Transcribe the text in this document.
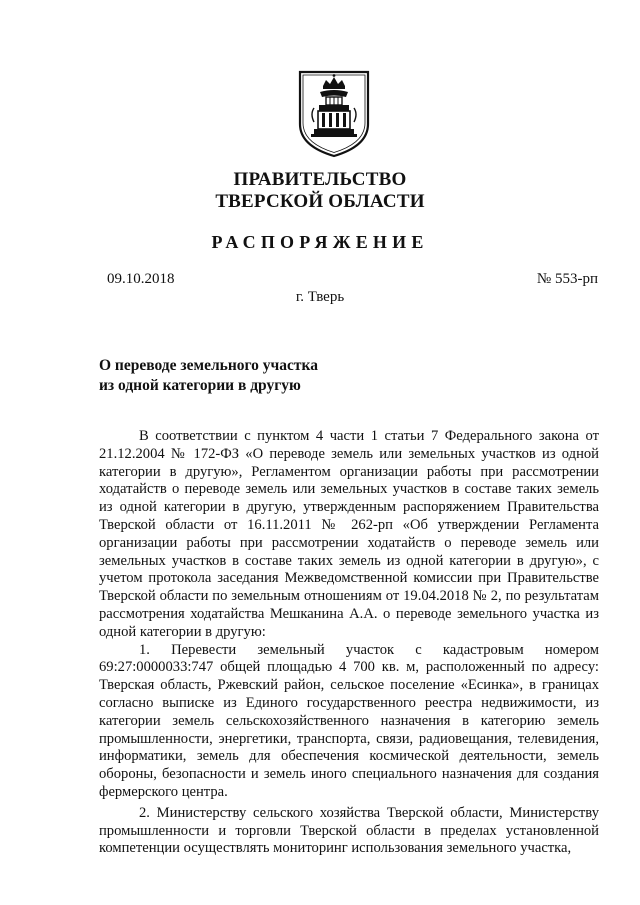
ПРАВИТЕЛЬСТВО

ТВЕРСКОЙ ОБЛАСТИ

РАСПОРЯЖЕНИЕ

09.10.2018	№ 553-рп
г. Тверь
О переводе земельного участка
из одной категории в другую

В соответствии с пунктом 4 части 1 статьи 7 Федерального закона от 21.12.2004 № 172-ФЗ «О переводе земель или земельных участков из одной категории в другую», Регламентом организации работы при рассмотрении ходатайств о переводе земель или земельных участков в составе таких земель из одной категории в другую, утвержденным распоряжением Правительства Тверской области от 16.11.2011 № 262-рп «Об утверждении Регламента организации работы при рассмотрении ходатайств о переводе земель или земельных участков в составе таких земель из одной категории в другую», с учетом протокола заседания Межведомственной комиссии при Правительстве Тверской области по земельным отношениям от 19.04.2018 № 2, по результатам рассмотрения ходатайства Мешканина А.А. о переводе земельного участка из одной категории в другую:

1. Перевести земельный участок с кадастровым номером 69:27:0000033:747 общей площадью 4 700 кв. м, расположенный по адресу: Тверская область, Ржевский район, сельское поселение «Есинка», в границах согласно выписке из Единого государственного реестра недвижимости, из категории земель сельскохозяйственного назначения в категорию земель промышленности, энергетики, транспорта, связи, радиовещания, телевидения, информатики, земель для обеспечения космической деятельности, земель обороны, безопасности и земель иного специального назначения для создания фермерского центра.

2. Министерству сельского хозяйства Тверской области, Министерству промышленности и торговли Тверской области в пределах установленной компетенции осуществлять мониторинг использования земельного участка,
